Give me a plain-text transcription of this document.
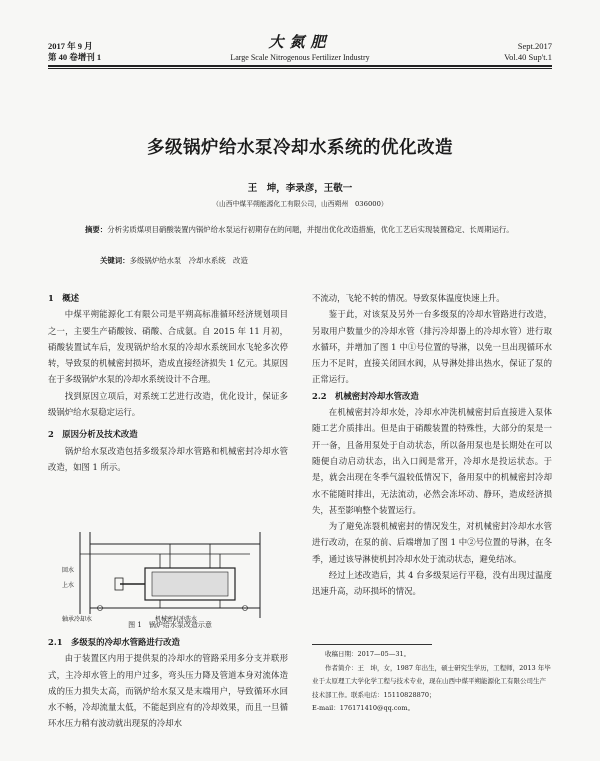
2017 年 9 月
第 40 卷增刊 1
大氮肥
Large Scale Nitrogenous Fertilizer Industry
Sept.2017
Vol.40 Sup't.1
多级锅炉给水泵冷却水系统的优化改造
王　坤，李录彦，王敬一
（山西中煤平朔能源化工有限公司，山西朔州　036000）
摘要：分析劣质煤项目硝酸装置内锅炉给水泵运行初期存在的问题，并提出优化改造措施，优化工艺后实现装置稳定、长周期运行。
关键词：多级锅炉给水泵　冷却水系统　改造

1　概述

中煤平朔能源化工有限公司是平朔高标准循环经济规划项目之一，主要生产硝酸铵、硝酸、合成氨。自 2015 年 11 月初，硝酸装置试车后，发现锅炉给水泵的冷却水系统回水飞轮多次停转，导致泵的机械密封损坏，造成直接经济损失 1 亿元。其原因在于多级锅炉水泵的冷却水系统设计不合理。

找到原因立项后，对系统工艺进行改造，优化设计，保证多级锅炉给水泵稳定运行。

2　原因分析及技术改造

锅炉给水泵改造包括多级泵冷却水管路和机械密封冷却水管改造，如图 1 所示。

回水
上水
轴承冷却水	机械密封冲洗水
图 1　锅炉给水泵改造示意

2.1　多级泵的冷却水管路进行改造

由于装置区内用于提供泵的冷却水的管路采用多分支并联形式，主冷却水管上的用户过多，弯头压力降及管道本身对流体造成的压力损失太高，而锅炉给水泵又是末端用户，导致循环水回水不畅，冷却流量太低，不能起到应有的冷却效果，而且一旦循环水压力稍有波动就出现泵的冷却水

不流动，飞轮不转的情况。导致泵体温度快速上升。

鉴于此，对该泵及另外一台多级泵的冷却水管路进行改造，另取用户数量少的冷却水管（排污冷却器上的冷却水管）进行取水循环，并增加了图 1 中①号位置的导淋，以免一旦出现循环水压力不足时，直接关闭回水阀，从导淋处排出热水，保证了泵的正常运行。

2.2　机械密封冷却水管改造

在机械密封冷却水处，冷却水冲洗机械密封后直接进入泵体随工艺介质排出。但是由于硝酸装置的特殊性，大部分的泵是一开一备，且备用泵处于自动状态，所以备用泵也是长期处在可以随便自动启动状态，出入口阀是常开，冷却水是投运状态。于是，就会出现在冬季气温较低情况下，备用泵中的机械密封冷却水不能随时排出，无法流动，必然会冻坏动、静环，造成经济损失，甚至影响整个装置运行。

为了避免冻裂机械密封的情况发生，对机械密封冷却水水管进行改动，在泵的前、后端增加了图 1 中②号位置的导淋，在冬季，通过该导淋使机封冷却水处于流动状态，避免结冰。

经过上述改造后，其 4 台多级泵运行平稳，没有出现过温度迅速升高，动环损坏的情况。

收稿日期：2017—05—31。
作者简介：王　坤，女，1987 年出生，硕士研究生学历，工程师，2013 年毕业于太原理工大学化学工程与技术专业，现在山西中煤平朔能源化工有限公司生产技术部工作。联系电话：15110828870；
E-mail：176171410@qq.com。
